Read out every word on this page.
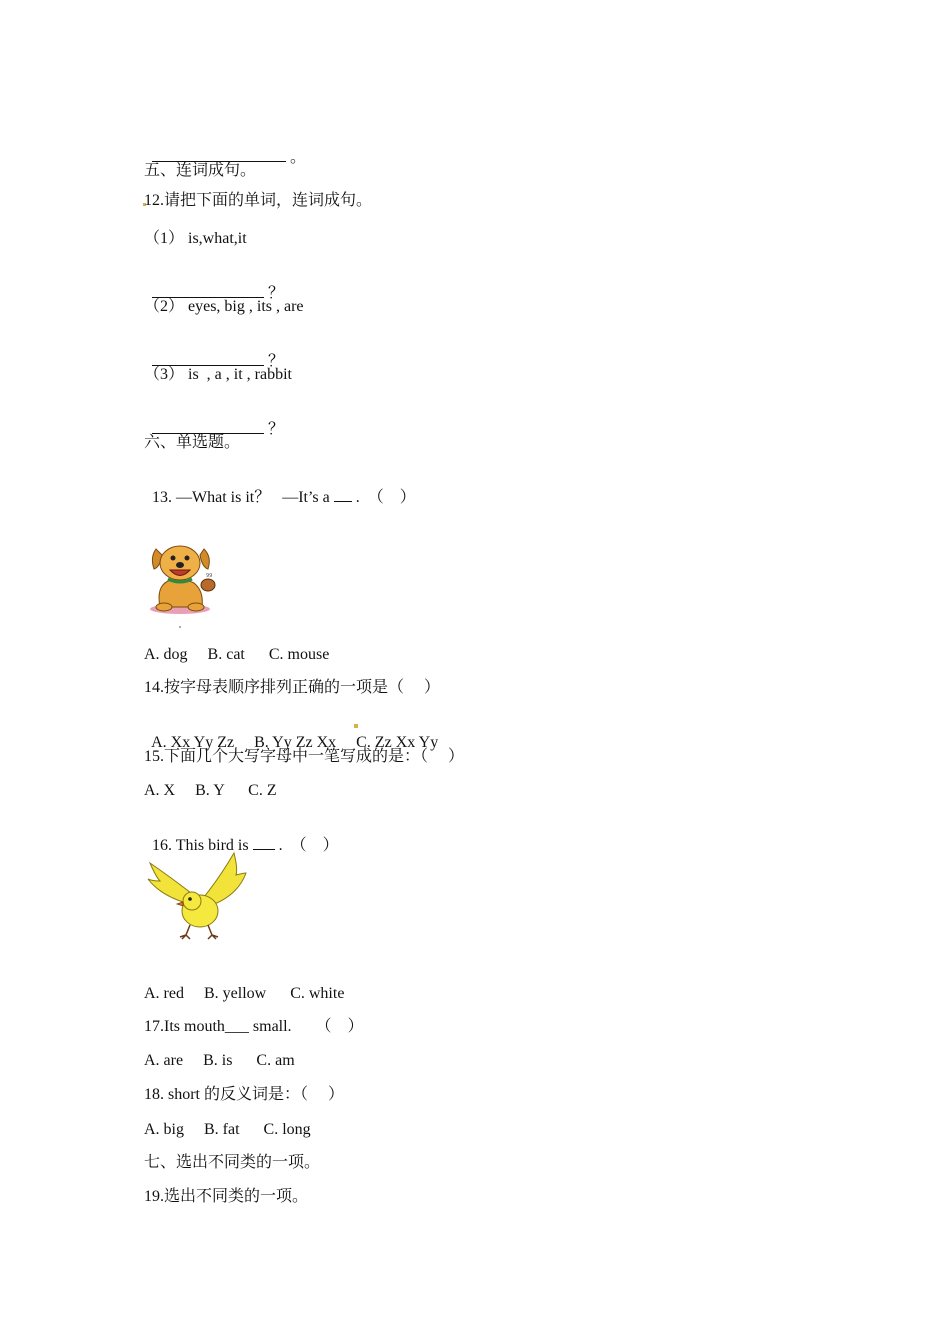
。

五、连词成句。
12.请把下面的单词，连词成句。
（1） is,what,it

？

（2） eyes, big , its , are

？

（3） is  , a , it , rabbit

？

六、单选题。

13. —What is it？   —It’s a  .  （    ）

99
A. dog     B. cat      C. mouse
14.按字母表顺序排列正确的一项是（     ）

A. Xx Yy Zz     B. Yy Zz Xx C. Zz Xx Yy

15.下面几个大写字母中一笔写成的是：（     ）
A. X     B. Y      C. Z

16. This bird is  .  （    ）

A. red     B. yellow      C. white
17.Its mouth___ small.      （    ）
A. are     B. is      C. am
18. short 的反义词是：（     ）
A. big     B. fat      C. long
七、选出不同类的一项。
19.选出不同类的一项。
